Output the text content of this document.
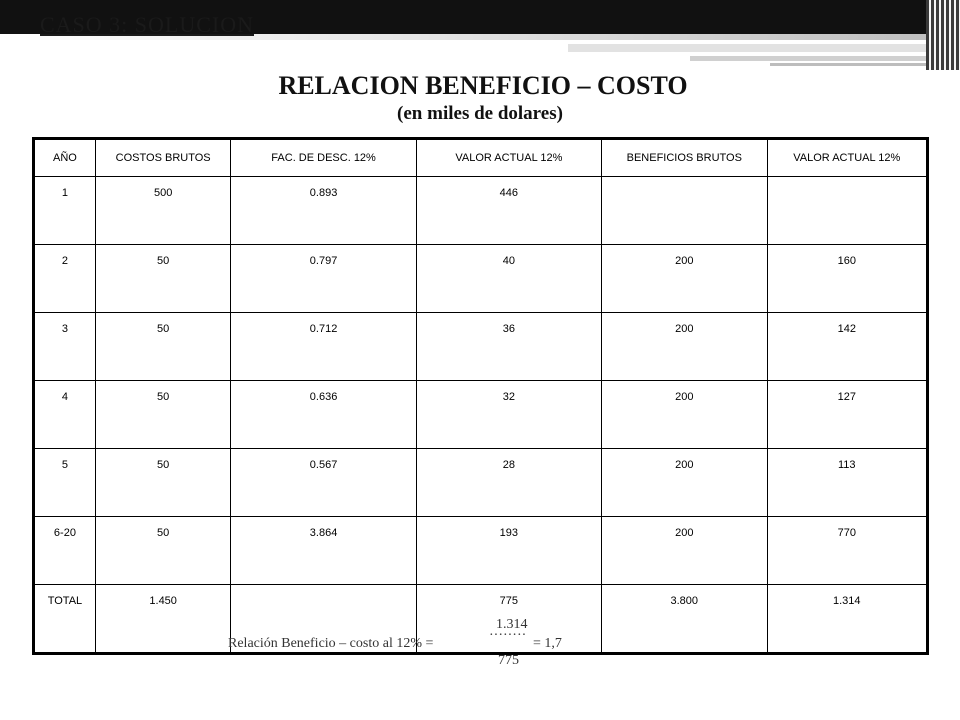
CASO 3: SOLUCION
RELACION BENEFICIO – COSTO
(en miles de dolares)
AÑO	COSTOS BRUTOS	FAC. DE DESC. 12%	VALOR ACTUAL 12%	BENEFICIOS BRUTOS	VALOR ACTUAL 12%
1	500	0.893	446		
2	50	0.797	40	200	160
3	50	0.712	36	200	142
4	50	0.636	32	200	127
5	50	0.567	28	200	113
6-20	50	3.864	193	200	770
TOTAL	1.450		775	3.800	1.314
Relación Beneficio – costo al 12% =
1.314
········
= 1,7
775
